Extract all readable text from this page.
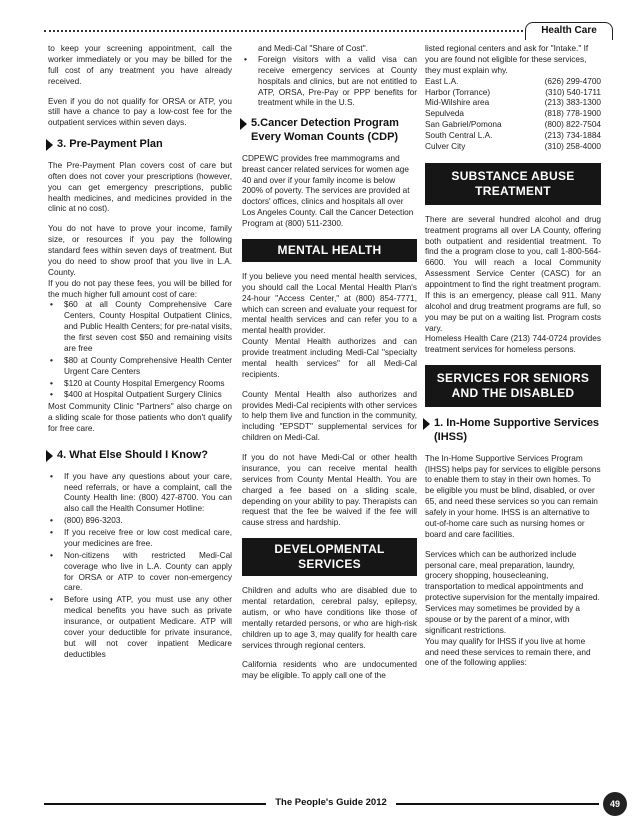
Health Care

to keep your screening appointment, call the worker immediately or you may be billed for the full cost of any treatment you have already received.

Even if you do not qualify for ORSA or ATP, you still have a chance to pay a low-cost fee for the outpatient services within seven days.

3. Pre-Payment Plan

The Pre-Payment Plan covers cost of care but often does not cover your prescriptions (however, you can get emergency prescriptions, public health medicines, and medicines provided in the clinic at no cost).

You do not have to prove your income, family size, or resources if you pay the following standard fees within seven days of treatment. But you do need to show proof that you live in L.A. County.

If you do not pay these fees, you will be billed for the much higher full amount cost of care:

• $60 at all County Comprehensive Care Centers, County Hospital Outpatient Clinics, and Public Health Centers; for pre-natal visits, the first seven cost $50 and remaining visits are free
• $80 at County Comprehensive Health Center Urgent Care Centers
• $120 at County Hospital Emergency Rooms
• $400 at Hospital Outpatient Surgery Clinics

Most Community Clinic "Partners" also charge on a sliding scale for those patients who don't qualify for free care.

4. What Else Should I Know?
• If you have any questions about your care, need referrals, or have a complaint, call the County Health line: (800) 427-8700. You can also call the Health Consumer Hotline:
• (800) 896-3203.
• If you receive free or low cost medical care, your medicines are free.
• Non-citizens with restricted Medi-Cal coverage who live in L.A. County can apply for ORSA or ATP to cover non-emergency care.
• Before using ATP, you must use any other medical benefits you have such as private insurance, or outpatient Medicare. ATP will cover your deductible for private insurance, but will not cover inpatient Medicare deductibles

and Medi-Cal "Share of Cost".

• Foreign visitors with a valid visa can receive emergency services at County hospitals and clinics, but are not entitled to ATP, ORSA, Pre-Pay or PPP benefits for treatment while in the U.S.
5.Cancer Detection Program Every Woman Counts (CDP)

CDPEWC provides free mammograms and breast cancer related services for women age 40 and over if your family income is below 200% of poverty. The services are provided at doctors' offices, clinics and hospitals all over Los Angeles County. Call the Cancer Detection Program at (800) 511-2300.

MENTAL HEALTH

If you believe you need mental health services, you should call the Local Mental Health Plan's 24-hour "Access Center," at (800) 854-7771, which can screen and evaluate your request for mental health services and can refer you to a mental health provider.

County Mental Health authorizes and can provide treatment including Medi-Cal "specialty mental health services" for all Medi-Cal recipients.

County Mental Health also authorizes and provides Medi-Cal recipients with other services to help them live and function in the community, including "EPSDT" supplemental services for children on Medi-Cal.

If you do not have Medi-Cal or other health insurance, you can receive mental health services from County Mental Health. You are charged a fee based on a sliding scale, depending on your ability to pay. Therapists can request that the fee be waived if the fee will cause stress and hardship.

DEVELOPMENTAL SERVICES

Children and adults who are disabled due to mental retardation, cerebral palsy, epilepsy, autism, or who have conditions like those of mentally retarded persons, or who are high-risk children up to age 3, may qualify for health care services through regional centers.

California residents who are undocumented may be eligible. To apply call one of the

listed regional centers and ask for "Intake." If you are found not eligible for these services, they must explain why.

East L.A.	(626) 299-4700
Harbor (Torrance)	(310) 540-1711
Mid-Wilshire area	(213) 383-1300
Sepulveda	(818) 778-1900
San Gabriel/Pomona	(800) 822-7504
South Central L.A.	(213) 734-1884
Culver City	(310) 258-4000
SUBSTANCE ABUSE TREATMENT

There are several hundred alcohol and drug treatment programs all over LA County, offering both outpatient and residential treatment. To find the a program close to you, call 1-800-564-6600. You will reach a local Community Assessment Service Center (CASC) for an appointment to find the right treatment program. If this is an emergency, please call 911. Many alcohol and drug treatment programs are full, so you may be put on a waiting list. Program costs vary.

Homeless Health Care (213) 744-0724 provides treatment services for homeless persons.

SERVICES FOR SENIORS AND THE DISABLED
1. In-Home Supportive Services (IHSS)

The In-Home Supportive Services Program (IHSS) helps pay for services to eligible persons to enable them to stay in their own homes. To be eligible you must be blind, disabled, or over 65, and need these services so you can remain safely in your home. IHSS is an alternative to out-of-home care such as nursing homes or board and care facilities.

Services which can be authorized include personal care, meal preparation, laundry, grocery shopping, housecleaning, transportation to medical appointments and protective supervision for the mentally impaired. Services may sometimes be provided by a spouse or by the parent of a minor, with significant restrictions.

You may qualify for IHSS if you live at home and need these services to remain there, and one of the following applies:

The People's Guide 2012	49
